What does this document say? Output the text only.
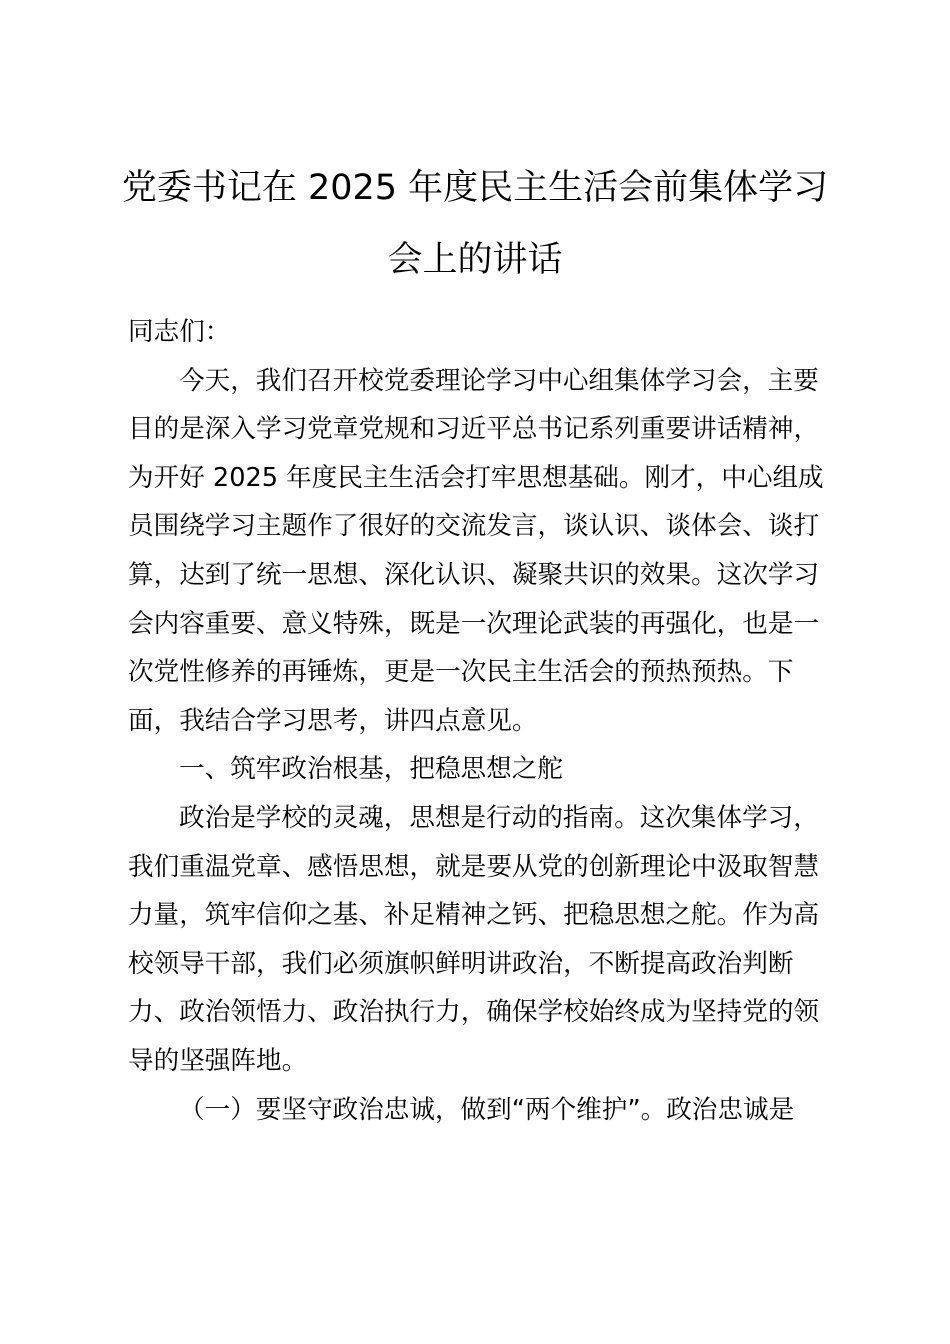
党委书记在 2025 年度民主生活会前集体学习
会上的讲话
同志们：
今天，我们召开校党委理论学习中心组集体学习会，主要
目的是深入学习党章党规和习近平总书记系列重要讲话精神，
为开好 2025 年度民主生活会打牢思想基础。刚才，中心组成
员围绕学习主题作了很好的交流发言，谈认识、谈体会、谈打
算，达到了统一思想、深化认识、凝聚共识的效果。这次学习
会内容重要、意义特殊，既是一次理论武装的再强化，也是一
次党性修养的再锤炼，更是一次民主生活会的预热预热。下
面，我结合学习思考，讲四点意见。
一、筑牢政治根基，把稳思想之舵
政治是学校的灵魂，思想是行动的指南。这次集体学习，
我们重温党章、感悟思想，就是要从党的创新理论中汲取智慧
力量，筑牢信仰之基、补足精神之钙、把稳思想之舵。作为高
校领导干部，我们必须旗帜鲜明讲政治，不断提高政治判断
力、政治领悟力、政治执行力，确保学校始终成为坚持党的领
导的坚强阵地。
（一）要坚守政治忠诚，做到“两个维护”。政治忠诚是
